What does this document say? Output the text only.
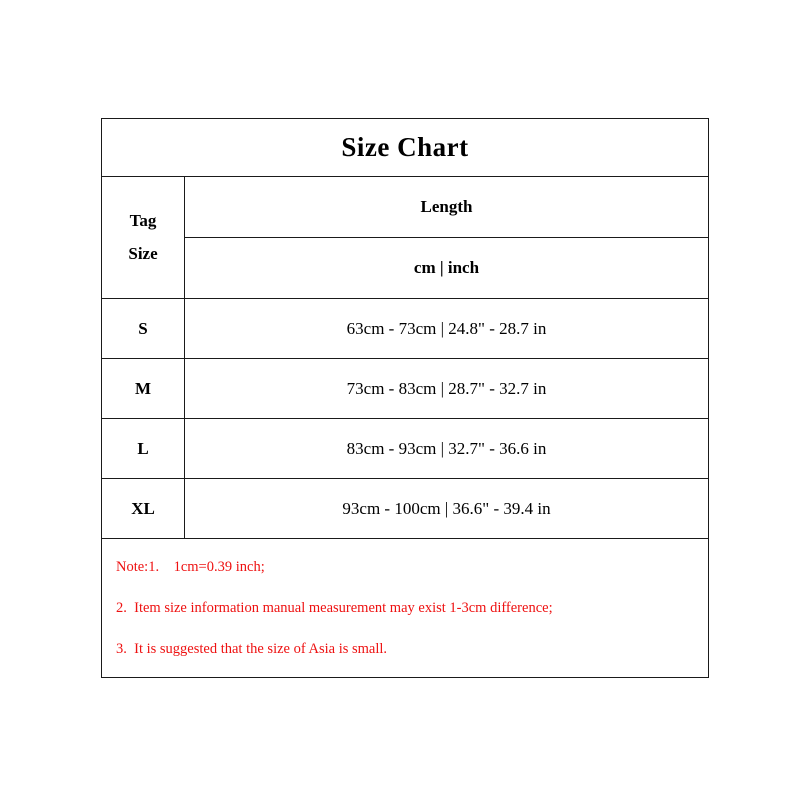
Size Chart
Tag
Size	Length
	cm | inch
S	63cm - 73cm | 24.8" - 28.7 in
M	73cm - 83cm | 28.7" - 32.7 in
L	83cm - 93cm | 32.7" - 36.6 in
XL	93cm - 100cm | 36.6" - 39.4 in
Note:1.    1cm=0.39 inch;
2.  Item size information manual measurement may exist 1-3cm difference;
3.  It is suggested that the size of Asia is small.
